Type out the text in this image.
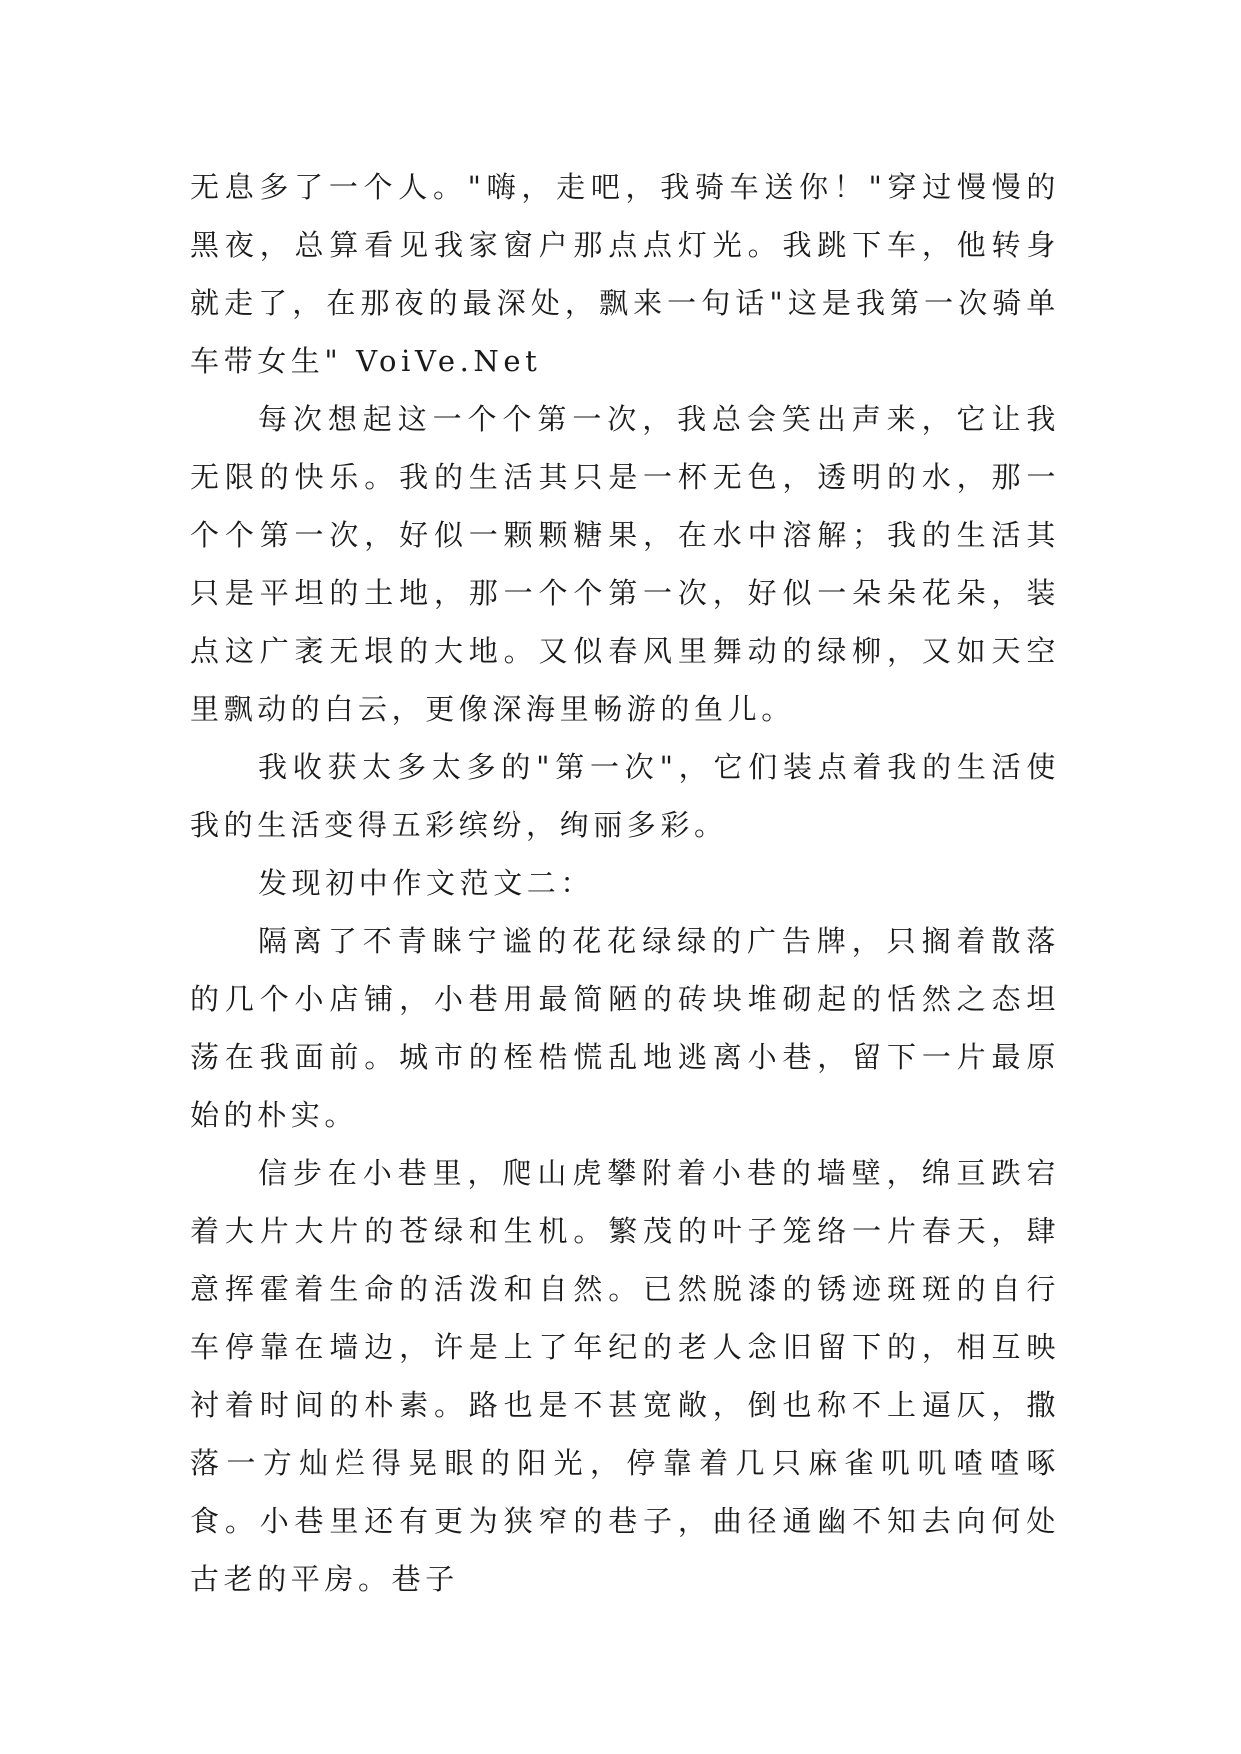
无息多了一个人。"嗨，走吧，我骑车送你！"穿过慢慢的黑夜，总算看见我家窗户那点点灯光。我跳下车，他转身就走了，在那夜的最深处，飘来一句话"这是我第一次骑单车带女生" VoiVe.Net

每次想起这一个个第一次，我总会笑出声来，它让我无限的快乐。我的生活其只是一杯无色，透明的水，那一个个第一次，好似一颗颗糖果，在水中溶解；我的生活其只是平坦的土地，那一个个第一次，好似一朵朵花朵，装点这广袤无垠的大地。又似春风里舞动的绿柳，又如天空里飘动的白云，更像深海里畅游的鱼儿。

我收获太多太多的"第一次"，它们装点着我的生活使我的生活变得五彩缤纷，绚丽多彩。

发现初中作文范文二：

隔离了不青睐宁谧的花花绿绿的广告牌，只搁着散落的几个小店铺，小巷用最简陋的砖块堆砌起的恬然之态坦荡在我面前。城市的桎梏慌乱地逃离小巷，留下一片最原始的朴实。

信步在小巷里，爬山虎攀附着小巷的墙壁，绵亘跌宕着大片大片的苍绿和生机。繁茂的叶子笼络一片春天，肆意挥霍着生命的活泼和自然。已然脱漆的锈迹斑斑的自行车停靠在墙边，许是上了年纪的老人念旧留下的，相互映衬着时间的朴素。路也是不甚宽敞，倒也称不上逼仄，撒落一方灿烂得晃眼的阳光，停靠着几只麻雀叽叽喳喳啄食。小巷里还有更为狭窄的巷子，曲径通幽不知去向何处古老的平房。巷子
